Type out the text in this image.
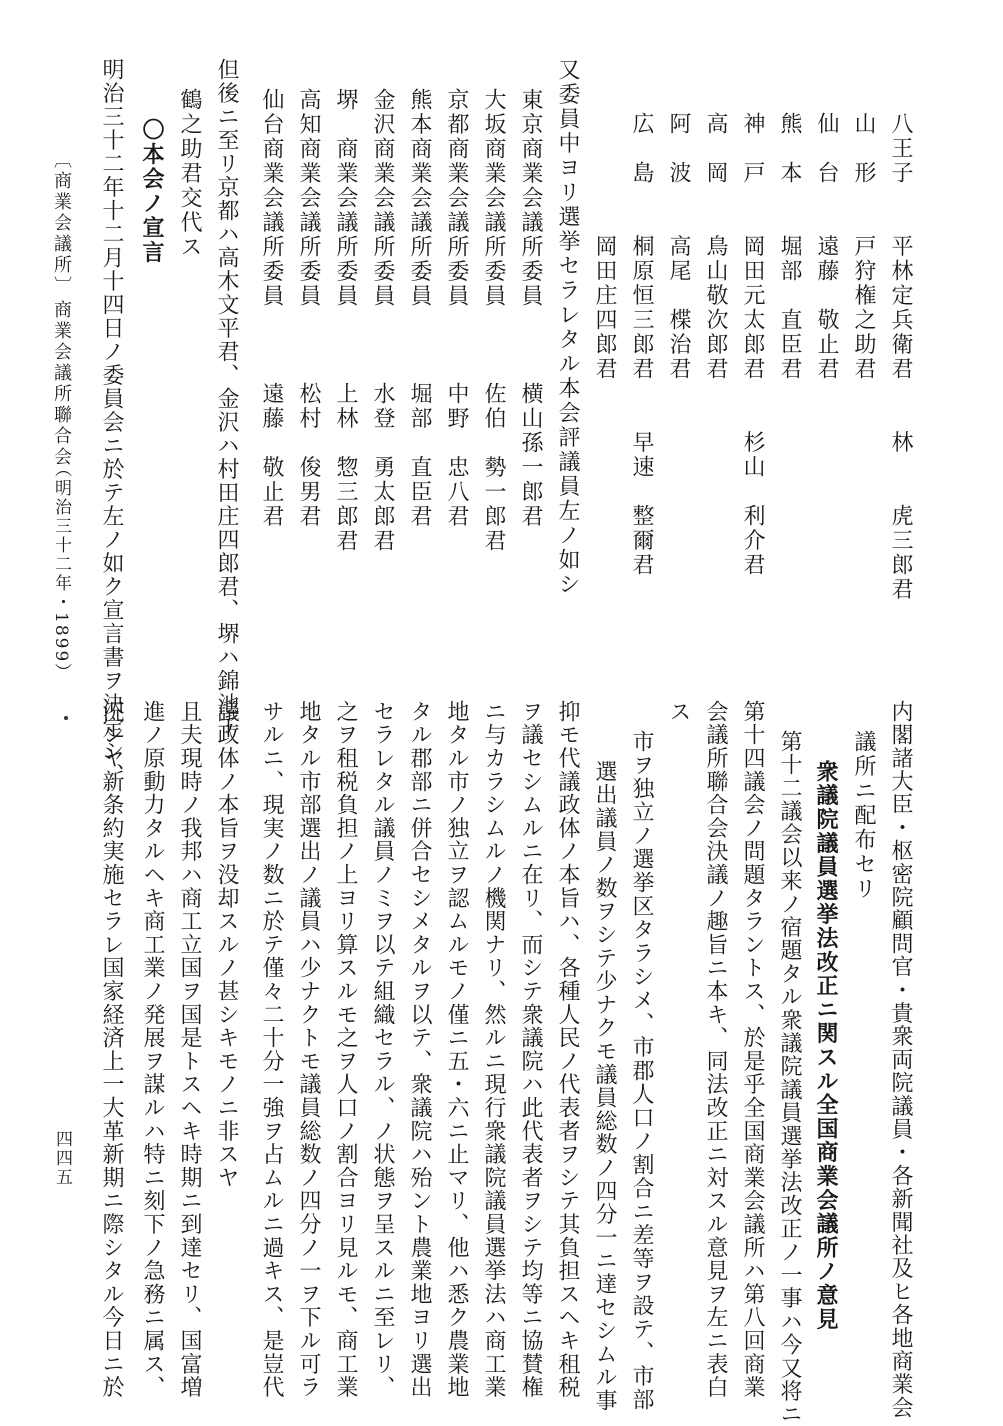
八王子　　平林定兵衛君　　林　　虎三郎君
山　形　　戸狩権之助君
仙　台　　遠藤　敬止君
熊　本　　堀部　直臣君
神　戸　　岡田元太郎君　　杉山　利介君
高　岡　　鳥山敬次郎君
阿　波　　高尾　楪治君
広　島　　桐原恒三郎君　　早速　整爾君
　　　　　岡田庄四郎君
又委員中ヨリ選挙セラレタル本会評議員左ノ如シ
東京商業会議所委員　　　横山孫一郎君
大坂商業会議所委員　　　佐伯　勢一郎君
京都商業会議所委員　　　中野　忠八君
熊本商業会議所委員　　　堀部　直臣君
金沢商業会議所委員　　　水登　勇太郎君
堺　商業会議所委員　　　上林　惣三郎君
高知商業会議所委員　　　松村　俊男君
仙台商業会議所委員　　　遠藤　敬止君
但後ニ至リ京都ハ高木文平君、金沢ハ村田庄四郎君、堺ハ錦池千
鶴之助君交代ス
〇本会ノ宣言
明治三十二年十二月十四日ノ委員会ニ於テ左ノ如ク宣言書ヲ決定シ、
〔商業会議所〕
商業会議所聯合会
（明治三十二年・1899）
内閣諸大臣・枢密院顧問官・貴衆両院議員・各新聞社及ヒ各地商業会
議所ニ配布セリ
衆議院議員選挙法改正ニ関スル全国商業会議所ノ意見
第十二議会以来ノ宿題タル衆議院議員選挙法改正ノ一事ハ今又将ニ
第十四議会ノ問題タラントス、於是乎全国商業会議所ハ第八回商業
会議所聯合会決議ノ趣旨ニ本キ、同法改正ニ対スル意見ヲ左ニ表白
ス
市ヲ独立ノ選挙区タラシメ、市郡人口ノ割合ニ差等ヲ設テ、市部
選出議員ノ数ヲシテ少ナクモ議員総数ノ四分一ニ達セシムル事
抑モ代議政体ノ本旨ハ、各種人民ノ代表者ヲシテ其負担スヘキ租税
ヲ議セシムルニ在リ、而シテ衆議院ハ此代表者ヲシテ均等ニ協賛権
ニ与カラシムルノ機関ナリ、然ルニ現行衆議院議員選挙法ハ商工業
地タル市ノ独立ヲ認ムルモノ僅ニ五・六ニ止マリ、他ハ悉ク農業地
タル郡部ニ併合セシメタルヲ以テ、衆議院ハ殆ント農業地ヨリ選出
セラレタル議員ノミヲ以テ組織セラル、ノ状態ヲ呈スルニ至レリ、
之ヲ租税負担ノ上ヨリ算スルモ之ヲ人口ノ割合ヨリ見ルモ、商工業
地タル市部選出ノ議員ハ少ナクトモ議員総数ノ四分ノ一ヲ下ル可ラ
サルニ、現実ノ数ニ於テ僅々二十分一強ヲ占ムルニ過キス、是豈代
議政体ノ本旨ヲ没却スルノ甚シキモノニ非スヤ
且夫現時ノ我邦ハ商工立国ヲ国是トスヘキ時期ニ到達セリ、国富増
進ノ原動力タルヘキ商工業ノ発展ヲ謀ルハ特ニ刻下ノ急務ニ属ス、
況ンヤ新条約実施セラレ国家経済上一大革新期ニ際シタル今日ニ於
四四五
